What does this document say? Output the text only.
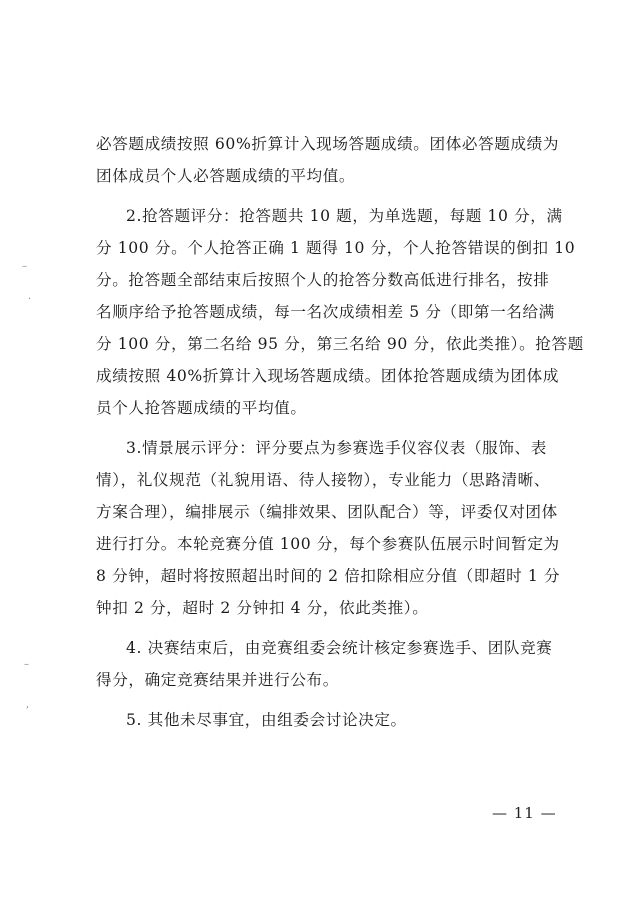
–
.
–
,
必答题成绩按照 60%折算计入现场答题成绩。团体必答题成绩为
团体成员个人必答题成绩的平均值。
2.抢答题评分：抢答题共 10 题，为单选题，每题 10 分，满
分 100 分。个人抢答正确 1 题得 10 分，个人抢答错误的倒扣 10
分。抢答题全部结束后按照个人的抢答分数高低进行排名，按排
名顺序给予抢答题成绩，每一名次成绩相差 5 分（即第一名给满
分 100 分，第二名给 95 分，第三名给 90 分，依此类推）。抢答题
成绩按照 40%折算计入现场答题成绩。团体抢答题成绩为团体成
员个人抢答题成绩的平均值。
3.情景展示评分：评分要点为参赛选手仪容仪表（服饰、表
情），礼仪规范（礼貌用语、待人接物），专业能力（思路清晰、
方案合理），编排展示（编排效果、团队配合）等，评委仅对团体
进行打分。本轮竞赛分值 100 分，每个参赛队伍展示时间暂定为
8 分钟，超时将按照超出时间的 2 倍扣除相应分值（即超时 1 分
钟扣 2 分，超时 2 分钟扣 4 分，依此类推）。
4. 决赛结束后，由竞赛组委会统计核定参赛选手、团队竞赛
得分，确定竞赛结果并进行公布。
5. 其他未尽事宜，由组委会讨论决定。
— 11 —
